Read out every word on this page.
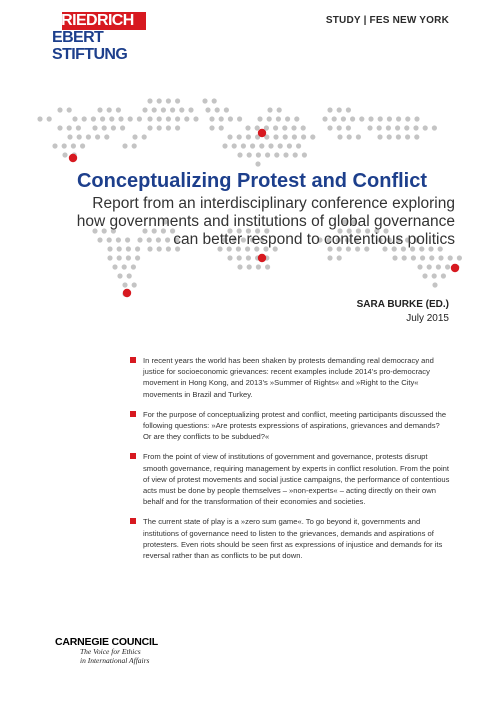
FRIEDRICH
EBERT
STIFTUNG
STUDY | FES NEW YORK
Conceptualizing Protest and Conflict

Report from an interdisciplinary conference exploring how governments and institutions of global governance can better respond to contentious politics

SARA BURKE (ED.)
July 2015
In recent years the world has been shaken by protests demanding real democracy and justice for socioeconomic grievances: recent examples include 2014’s pro-democracy movement in Hong Kong, and 2013’s »Summer of Rights« and »Right to the City« movements in Brazil and Turkey.
For the purpose of conceptualizing protest and conflict, meeting participants discussed the following questions: »Are protests expressions of aspirations, grievances and demands? Or are they conflicts to be subdued?«
From the point of view of institutions of government and governance, protests disrupt smooth governance, requiring management by experts in conflict resolution. From the point of view of protest movements and social justice campaigns, the performance of contentious acts must be done by people themselves – »non-experts« – acting directly on their own behalf and for the transformation of their economies and societies.
The current state of play is a »zero sum game«. To go beyond it, governments and institutions of governance need to listen to the grievances, demands and aspirations of protesters. Even riots should be seen first as expressions of injustice and demands for its reversal rather than as conflicts to be put down.
CARNEGIE COUNCIL
The Voice for Ethics
in International Affairs
